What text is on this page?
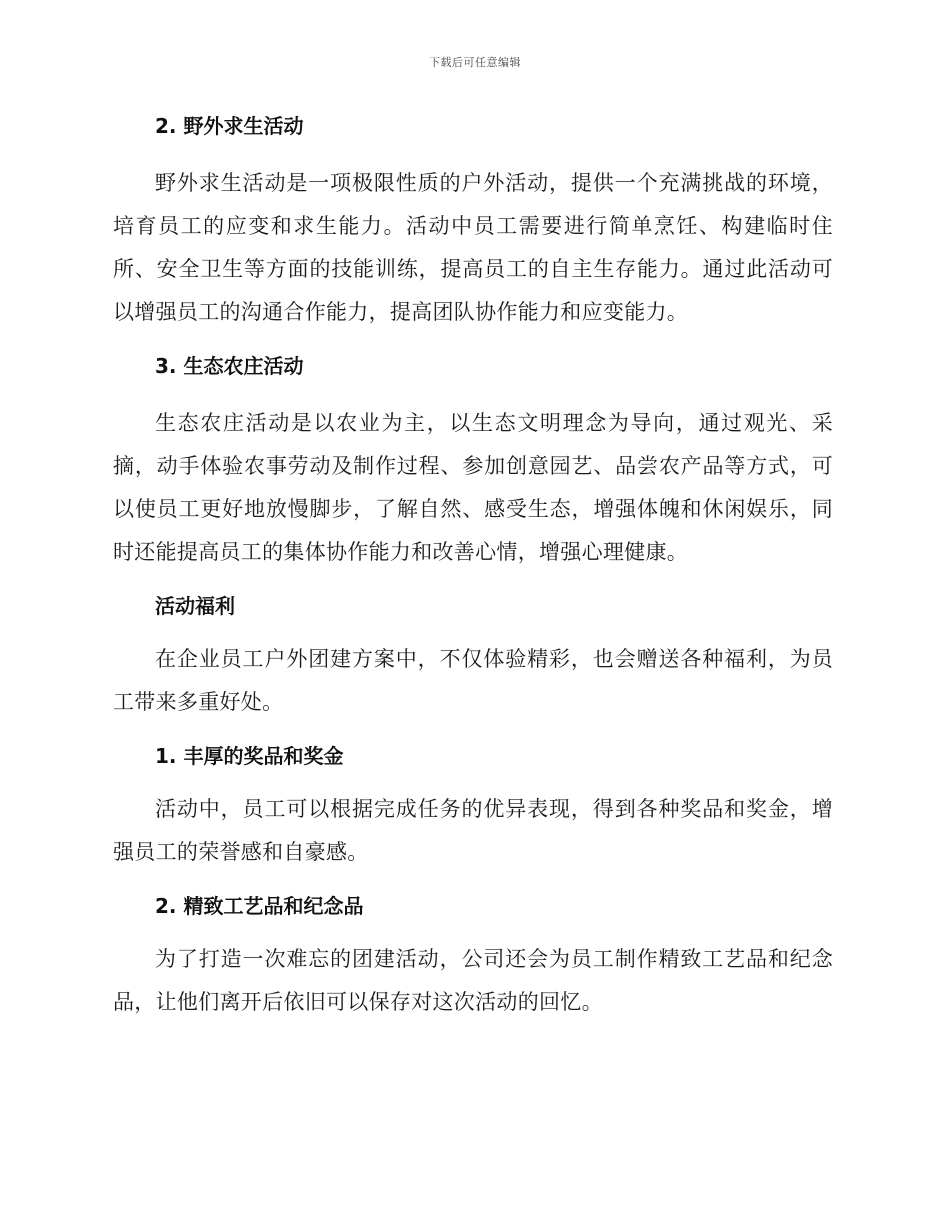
下载后可任意编辑
2. 野外求生活动

野外求生活动是一项极限性质的户外活动，提供一个充满挑战的环境，培育员工的应变和求生能力。活动中员工需要进行简单烹饪、构建临时住所、安全卫生等方面的技能训练，提高员工的自主生存能力。通过此活动可以增强员工的沟通合作能力，提高团队协作能力和应变能力。

3. 生态农庄活动

生态农庄活动是以农业为主，以生态文明理念为导向，通过观光、采摘，动手体验农事劳动及制作过程、参加创意园艺、品尝农产品等方式，可以使员工更好地放慢脚步，了解自然、感受生态，增强体魄和休闲娱乐，同时还能提高员工的集体协作能力和改善心情，增强心理健康。

活动福利

在企业员工户外团建方案中，不仅体验精彩，也会赠送各种福利，为员工带来多重好处。

1. 丰厚的奖品和奖金

活动中，员工可以根据完成任务的优异表现，得到各种奖品和奖金，增强员工的荣誉感和自豪感。

2. 精致工艺品和纪念品

为了打造一次难忘的团建活动，公司还会为员工制作精致工艺品和纪念品，让他们离开后依旧可以保存对这次活动的回忆。
